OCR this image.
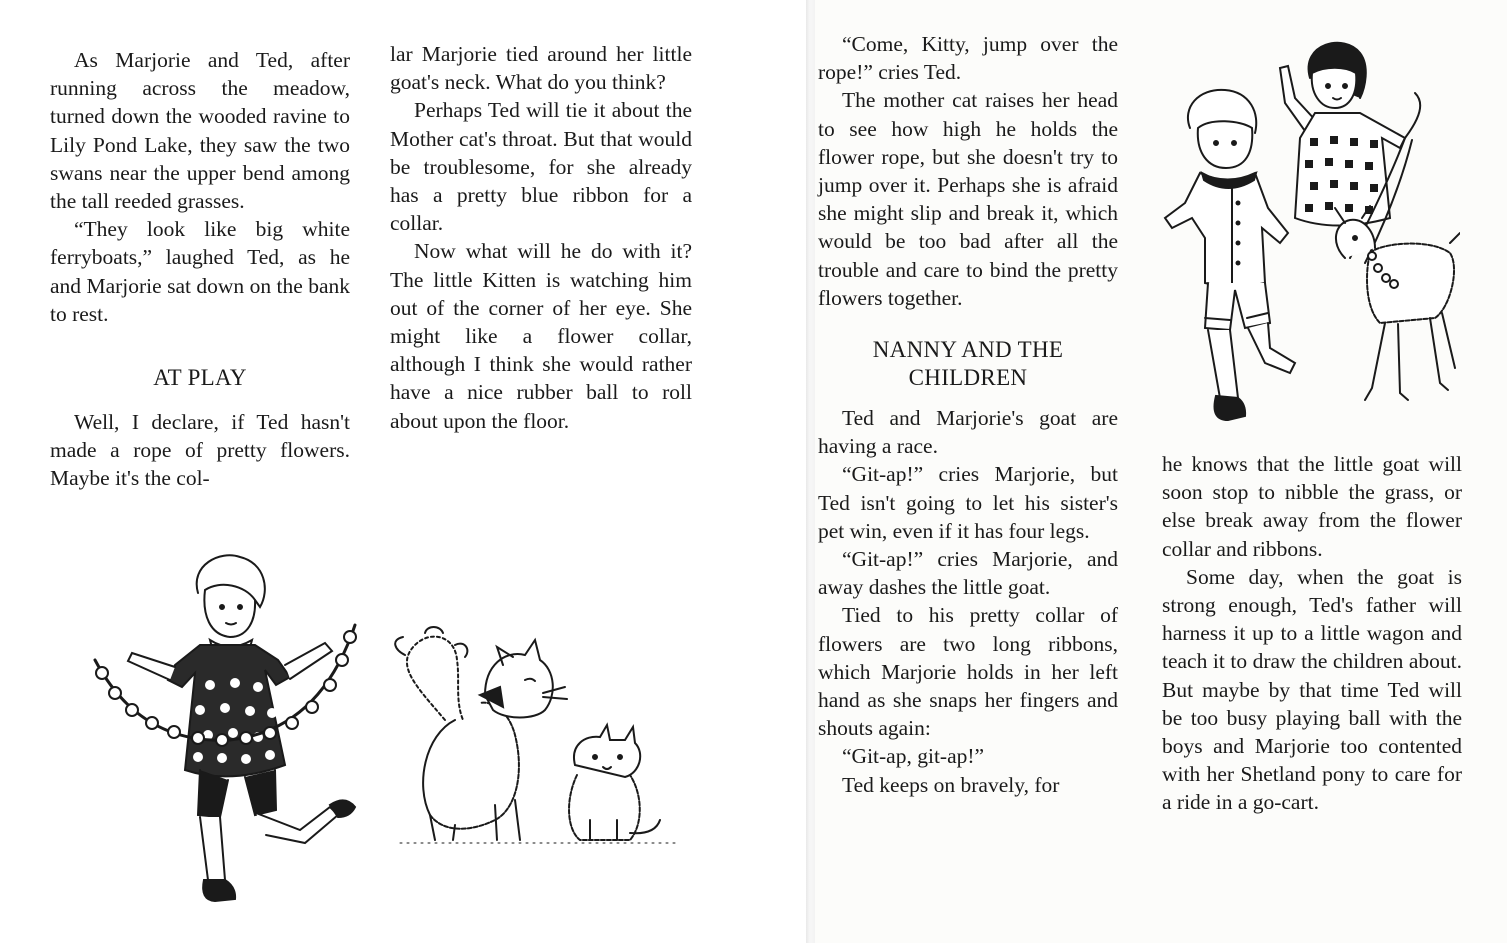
As Marjorie and Ted, after running across the meadow, turned down the wooded ravine to Lily Pond Lake, they saw the two swans near the upper bend among the tall reeded grasses.

“They look like big white ferryboats,” laughed Ted, as he and Marjorie sat down on the bank to rest.

AT PLAY

Well, I declare, if Ted hasn't made a rope of pretty flowers. Maybe it's the col-

lar Marjorie tied around her little goat's neck. What do you think?

Perhaps Ted will tie it about the Mother cat's throat. But that would be troublesome, for she already has a pretty blue ribbon for a collar.

Now what will he do with it? The little Kitten is watching him out of the corner of her eye. She might like a flower collar, although I think she would rather have a nice rubber ball to roll about upon the floor.

“Come, Kitty, jump over the rope!” cries Ted.

The mother cat raises her head to see how high he holds the flower rope, but she doesn't try to jump over it. Perhaps she is afraid she might slip and break it, which would be too bad after all the trouble and care to bind the pretty flowers together.

NANNY AND THE CHILDREN

Ted and Marjorie's goat are having a race.

“Git-ap!” cries Marjorie, but Ted isn't going to let his sister's pet win, even if it has four legs.

“Git-ap!” cries Marjorie, and away dashes the little goat.

Tied to his pretty collar of flowers are two long ribbons, which Marjorie holds in her left hand as she snaps her fingers and shouts again:

“Git-ap, git-ap!”

Ted keeps on bravely, for

he knows that the little goat will soon stop to nibble the grass, or else break away from the flower collar and ribbons.

Some day, when the goat is strong enough, Ted's father will harness it up to a little wagon and teach it to draw the children about. But maybe by that time Ted will be too busy playing ball with the boys and Marjorie too contented with her Shetland pony to care for a ride in a go-cart.
